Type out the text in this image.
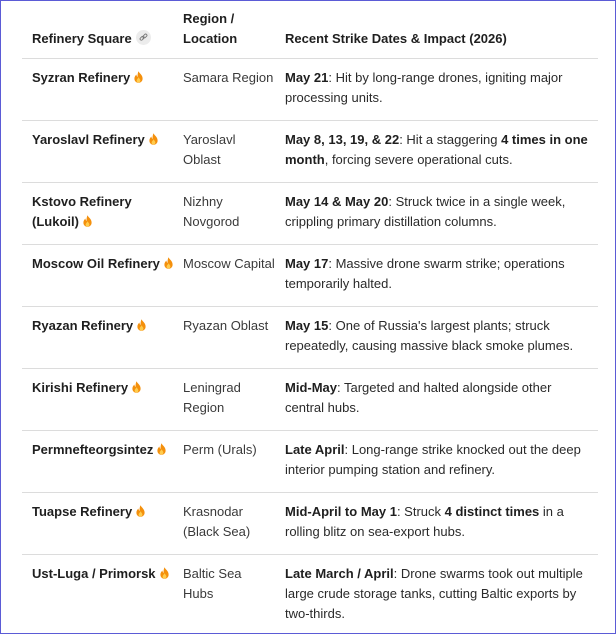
Refinery Square	Region / Location	Recent Strike Dates & Impact (2026)
Syzran Refinery	Samara Region	May 21: Hit by long-range drones, igniting major processing units.
Yaroslavl Refinery	Yaroslavl Oblast	May 8, 13, 19, & 22: Hit a staggering 4 times in one month, forcing severe operational cuts.
Kstovo Refinery (Lukoil)	Nizhny Novgorod	May 14 & May 20: Struck twice in a single week, crippling primary distillation columns.
Moscow Oil Refinery	Moscow Capital	May 17: Massive drone swarm strike; operations temporarily halted.
Ryazan Refinery	Ryazan Oblast	May 15: One of Russia's largest plants; struck repeatedly, causing massive black smoke plumes.
Kirishi Refinery	Leningrad Region	Mid-May: Targeted and halted alongside other central hubs.
Permnefteorgsintez	Perm (Urals)	Late April: Long-range strike knocked out the deep interior pumping station and refinery.
Tuapse Refinery	Krasnodar (Black Sea)	Mid-April to May 1: Struck 4 distinct times in a rolling blitz on sea-export hubs.
Ust-Luga / Primorsk	Baltic Sea Hubs	Late March / April: Drone swarms took out multiple large crude storage tanks, cutting Baltic exports by two-thirds.
